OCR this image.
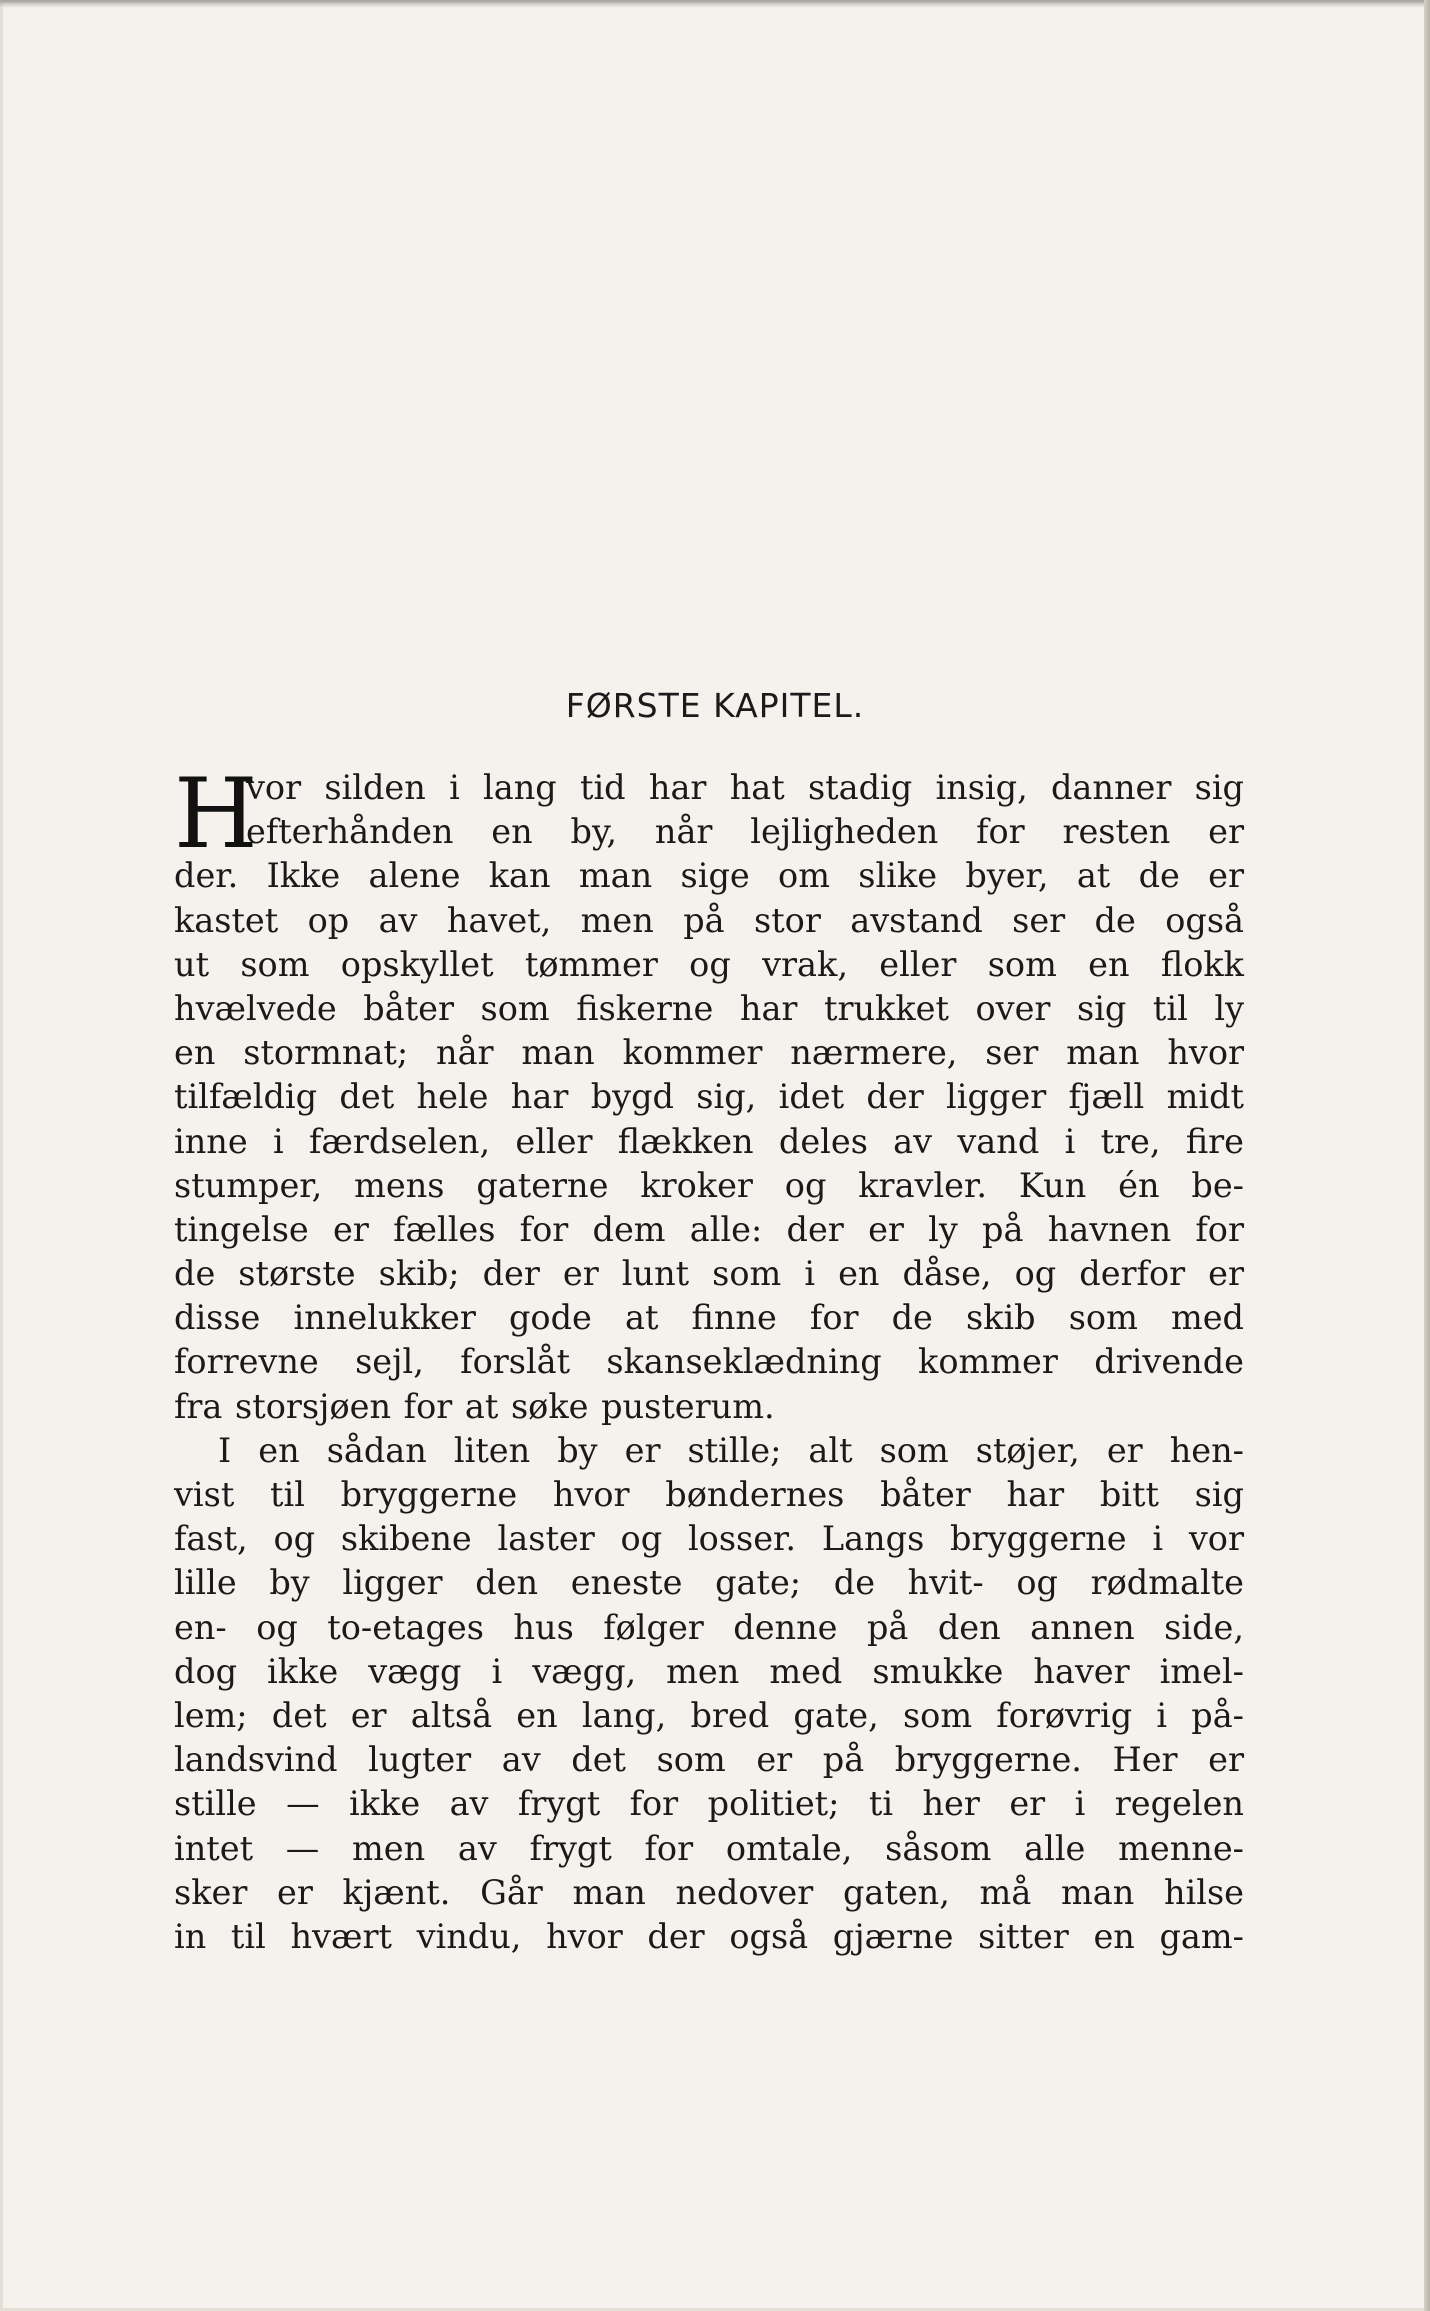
FØRSTE KAPITEL.
H
vor silden i lang tid har hat stadig insig, danner sig
efterhånden en by, når lejligheden for resten er
der. Ikke alene kan man sige om slike byer, at de er
kastet op av havet, men på stor avstand ser de også
ut som opskyllet tømmer og vrak, eller som en flokk
hvælvede båter som fiskerne har trukket over sig til ly
en stormnat; når man kommer nærmere, ser man hvor
tilfældig det hele har bygd sig, idet der ligger fjæll midt
inne i færdselen, eller flækken deles av vand i tre, fire
stumper, mens gaterne kroker og kravler. Kun én be-
tingelse er fælles for dem alle: der er ly på havnen for
de største skib; der er lunt som i en dåse, og derfor er
disse innelukker gode at finne for de skib som med
forrevne sejl, forslåt skanseklædning kommer drivende
fra storsjøen for at søke pusterum.
I en sådan liten by er stille; alt som støjer, er hen-
vist til bryggerne hvor bøndernes båter har bitt sig
fast, og skibene laster og losser. Langs bryggerne i vor
lille by ligger den eneste gate; de hvit- og rødmalte
en- og to-etages hus følger denne på den annen side,
dog ikke vægg i vægg, men med smukke haver imel-
lem; det er altså en lang, bred gate, som forøvrig i på-
landsvind lugter av det som er på bryggerne. Her er
stille — ikke av frygt for politiet; ti her er i regelen
intet — men av frygt for omtale, såsom alle menne-
sker er kjænt. Går man nedover gaten, må man hilse
in til hvært vindu, hvor der også gjærne sitter en gam-
